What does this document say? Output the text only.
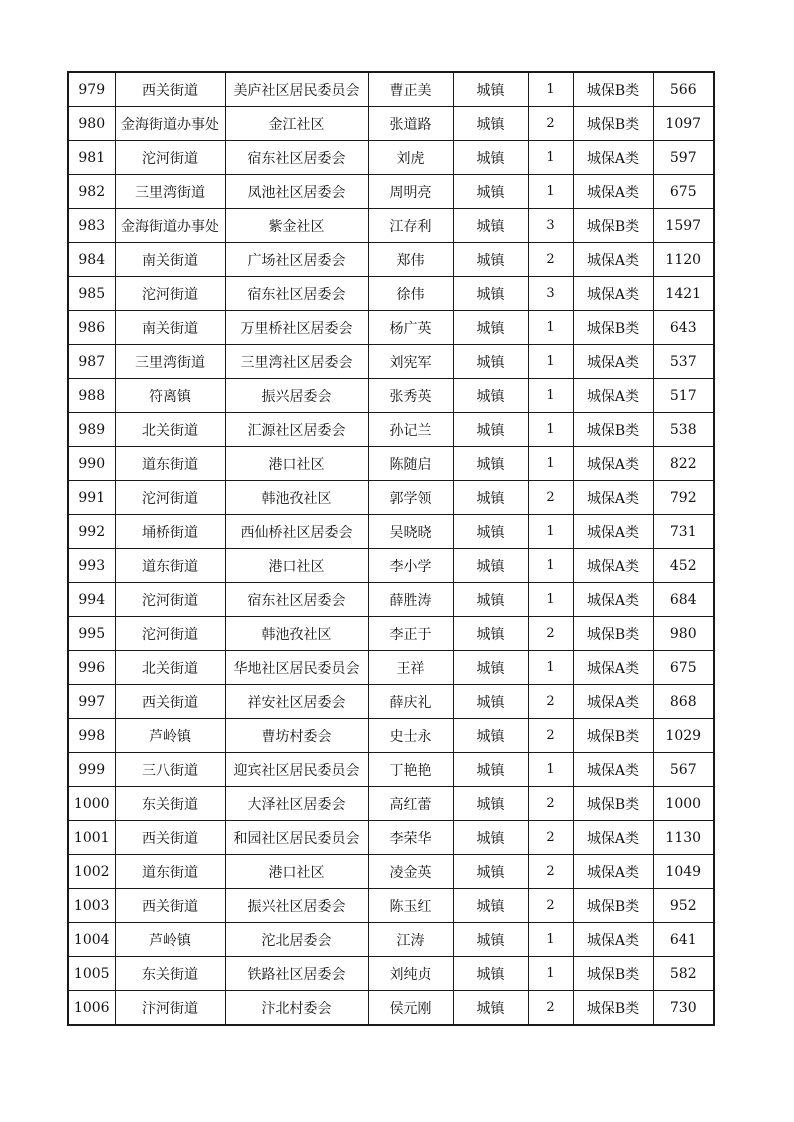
979	西关街道	美庐社区居民委员会	曹正美	城镇	1	城保B类	566
980	金海街道办事处	金江社区	张道路	城镇	2	城保B类	1097
981	沱河街道	宿东社区居委会	刘虎	城镇	1	城保A类	597
982	三里湾街道	凤池社区居委会	周明亮	城镇	1	城保A类	675
983	金海街道办事处	紫金社区	江存利	城镇	3	城保B类	1597
984	南关街道	广场社区居委会	郑伟	城镇	2	城保A类	1120
985	沱河街道	宿东社区居委会	徐伟	城镇	3	城保A类	1421
986	南关街道	万里桥社区居委会	杨广英	城镇	1	城保B类	643
987	三里湾街道	三里湾社区居委会	刘宪军	城镇	1	城保A类	537
988	符离镇	振兴居委会	张秀英	城镇	1	城保A类	517
989	北关街道	汇源社区居委会	孙记兰	城镇	1	城保B类	538
990	道东街道	港口社区	陈随启	城镇	1	城保A类	822
991	沱河街道	韩池孜社区	郭学领	城镇	2	城保A类	792
992	埇桥街道	西仙桥社区居委会	吴晓晓	城镇	1	城保A类	731
993	道东街道	港口社区	李小学	城镇	1	城保A类	452
994	沱河街道	宿东社区居委会	薛胜涛	城镇	1	城保A类	684
995	沱河街道	韩池孜社区	李正于	城镇	2	城保B类	980
996	北关街道	华地社区居民委员会	王祥	城镇	1	城保A类	675
997	西关街道	祥安社区居委会	薛庆礼	城镇	2	城保A类	868
998	芦岭镇	曹坊村委会	史士永	城镇	2	城保B类	1029
999	三八街道	迎宾社区居民委员会	丁艳艳	城镇	1	城保A类	567
1000	东关街道	大泽社区居委会	高红蕾	城镇	2	城保B类	1000
1001	西关街道	和园社区居民委员会	李荣华	城镇	2	城保A类	1130
1002	道东街道	港口社区	凌金英	城镇	2	城保A类	1049
1003	西关街道	振兴社区居委会	陈玉红	城镇	2	城保B类	952
1004	芦岭镇	沱北居委会	江涛	城镇	1	城保A类	641
1005	东关街道	铁路社区居委会	刘纯贞	城镇	1	城保B类	582
1006	汴河街道	汴北村委会	侯元刚	城镇	2	城保B类	730
